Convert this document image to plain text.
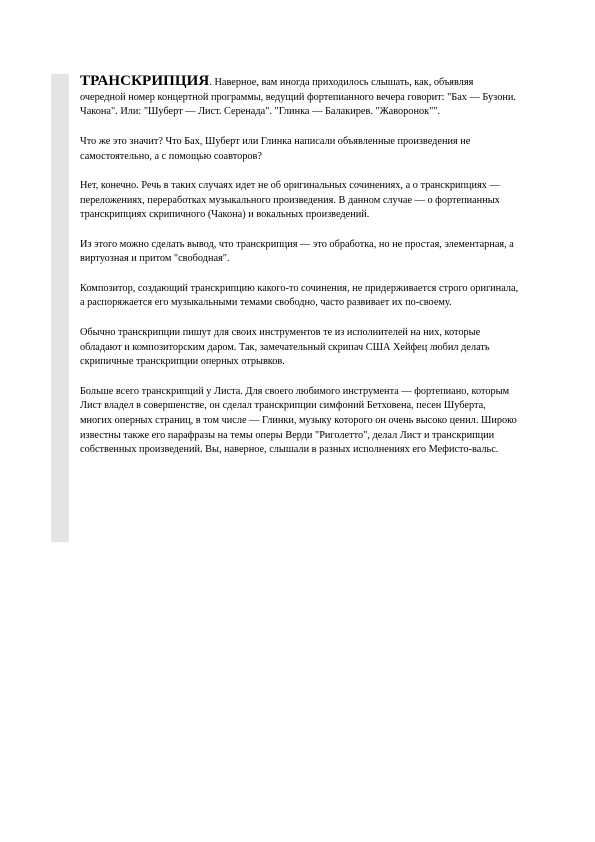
ТРАНСКРИПЦИЯ. Наверное, вам иногда приходилось слышать, как, объявляя очередной номер концертной программы, ведущий фортепианного вечера говорит: "Бах — Бузони. Чакона". Или: "Шуберт — Лист. Серенада". "Глинка — Балакирев. "Жаворонок"".

Что же это значит? Что Бах, Шуберт или Глинка написали объявленные произведения не самостоятельно, а с помощью соавторов?

Нет, конечно. Речь в таких случаях идет не об оригинальных сочинениях, а о транскрипциях — переложениях, переработках музыкального произведения. В данном случае — о фортепианных транскрипциях скрипичного (Чакона) и вокальных произведений.

Из этого можно сделать вывод, что транскрипция — это обработка, но не простая, элементарная, а виртуозная и притом "свободная".

Композитор, создающий транскрипцию какого-то сочинения, не придерживается строго оригинала, а распоряжается его музыкальными темами свободно, часто развивает их по-своему.

Обычно транскрипции пишут для своих инструментов те из исполнителей на них, которые обладают и композиторским даром. Так, замечательный скрипач США Хейфец любил делать скрипичные транскрипции оперных отрывков.

Больше всего транскрипций у Листа. Для своего любимого инструмента — фортепиано, которым Лист владел в совершенстве, он сделал транскрипции симфоний Бетховена, песен Шуберта, многих оперных страниц, в том числе — Глинки, музыку которого он очень высоко ценил. Широко известны также его парафразы на темы оперы Верди "Риголетто", делал Лист и транскрипции собственных произведений. Вы, наверное, слышали в разных исполнениях его Мефисто-вальс.
